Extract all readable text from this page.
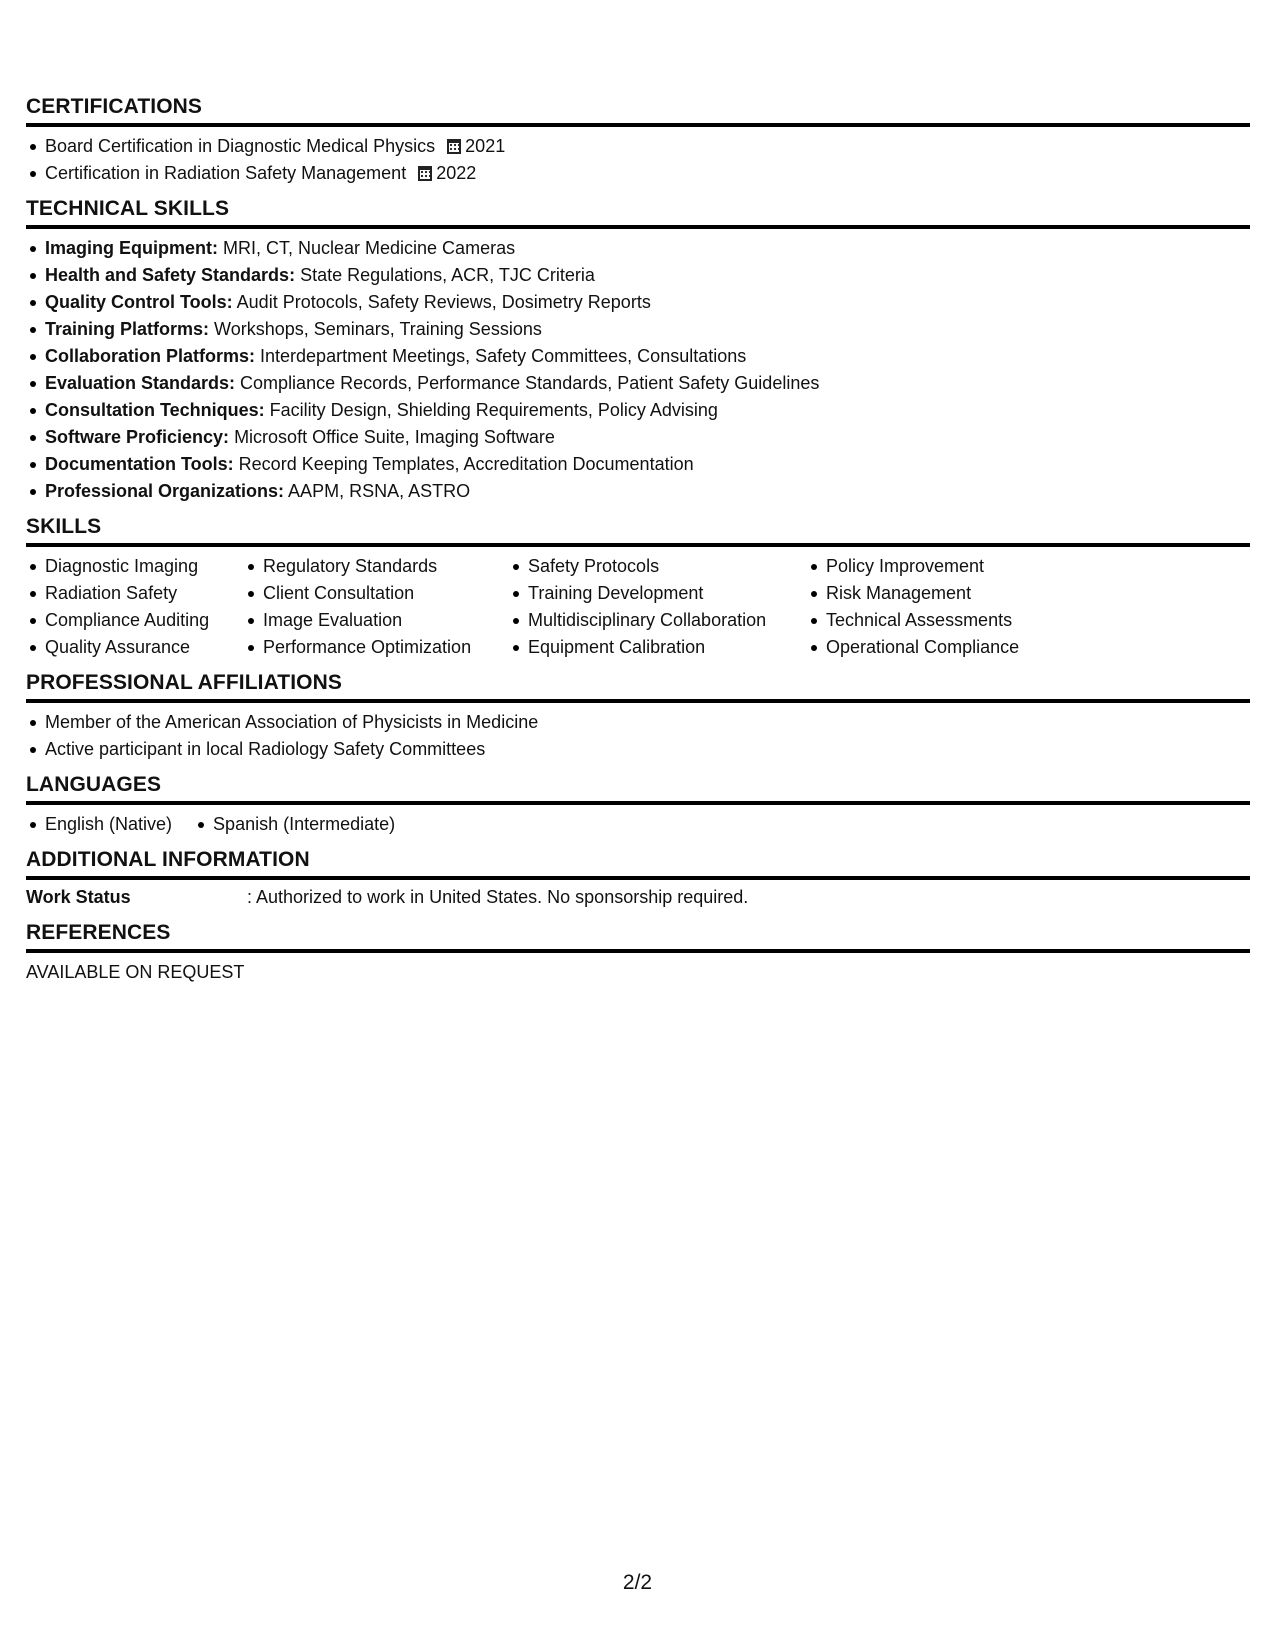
CERTIFICATIONS
Board Certification in Diagnostic Medical Physics 2021
Certification in Radiation Safety Management 2022
TECHNICAL SKILLS
Imaging Equipment: MRI, CT, Nuclear Medicine Cameras
Health and Safety Standards: State Regulations, ACR, TJC Criteria
Quality Control Tools: Audit Protocols, Safety Reviews, Dosimetry Reports
Training Platforms: Workshops, Seminars, Training Sessions
Collaboration Platforms: Interdepartment Meetings, Safety Committees, Consultations
Evaluation Standards: Compliance Records, Performance Standards, Patient Safety Guidelines
Consultation Techniques: Facility Design, Shielding Requirements, Policy Advising
Software Proficiency: Microsoft Office Suite, Imaging Software
Documentation Tools: Record Keeping Templates, Accreditation Documentation
Professional Organizations: AAPM, RSNA, ASTRO
SKILLS
Diagnostic Imaging
Radiation Safety
Compliance Auditing
Quality Assurance
Regulatory Standards
Client Consultation
Image Evaluation
Performance Optimization
Safety Protocols
Training Development
Multidisciplinary Collaboration
Equipment Calibration
Policy Improvement
Risk Management
Technical Assessments
Operational Compliance
PROFESSIONAL AFFILIATIONS
Member of the American Association of Physicists in Medicine
Active participant in local Radiology Safety Committees
LANGUAGES
English (Native) Spanish (Intermediate)
ADDITIONAL INFORMATION
Work Status	: Authorized to work in United States. No sponsorship required.
REFERENCES
AVAILABLE ON REQUEST
2/2
